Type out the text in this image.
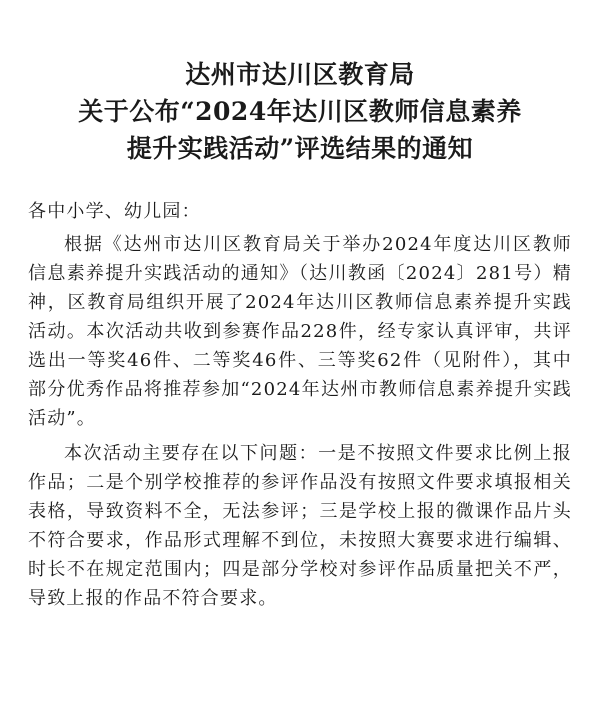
达州市达川区教育局
关于公布“2024年达川区教师信息素养
提升实践活动”评选结果的通知
各中小学、幼儿园：

根据《达州市达川区教育局关于举办2024年度达川区教师信息素养提升实践活动的通知》（达川教函〔2024〕281号）精神，区教育局组织开展了2024年达川区教师信息素养提升实践活动。本次活动共收到参赛作品228件，经专家认真评审，共评选出一等奖46件、二等奖46件、三等奖62件（见附件），其中部分优秀作品将推荐参加“2024年达州市教师信息素养提升实践活动”。

本次活动主要存在以下问题：一是不按照文件要求比例上报作品；二是个别学校推荐的参评作品没有按照文件要求填报相关表格，导致资料不全，无法参评；三是学校上报的微课作品片头不符合要求，作品形式理解不到位，未按照大赛要求进行编辑、时长不在规定范围内；四是部分学校对参评作品质量把关不严，导致上报的作品不符合要求。
